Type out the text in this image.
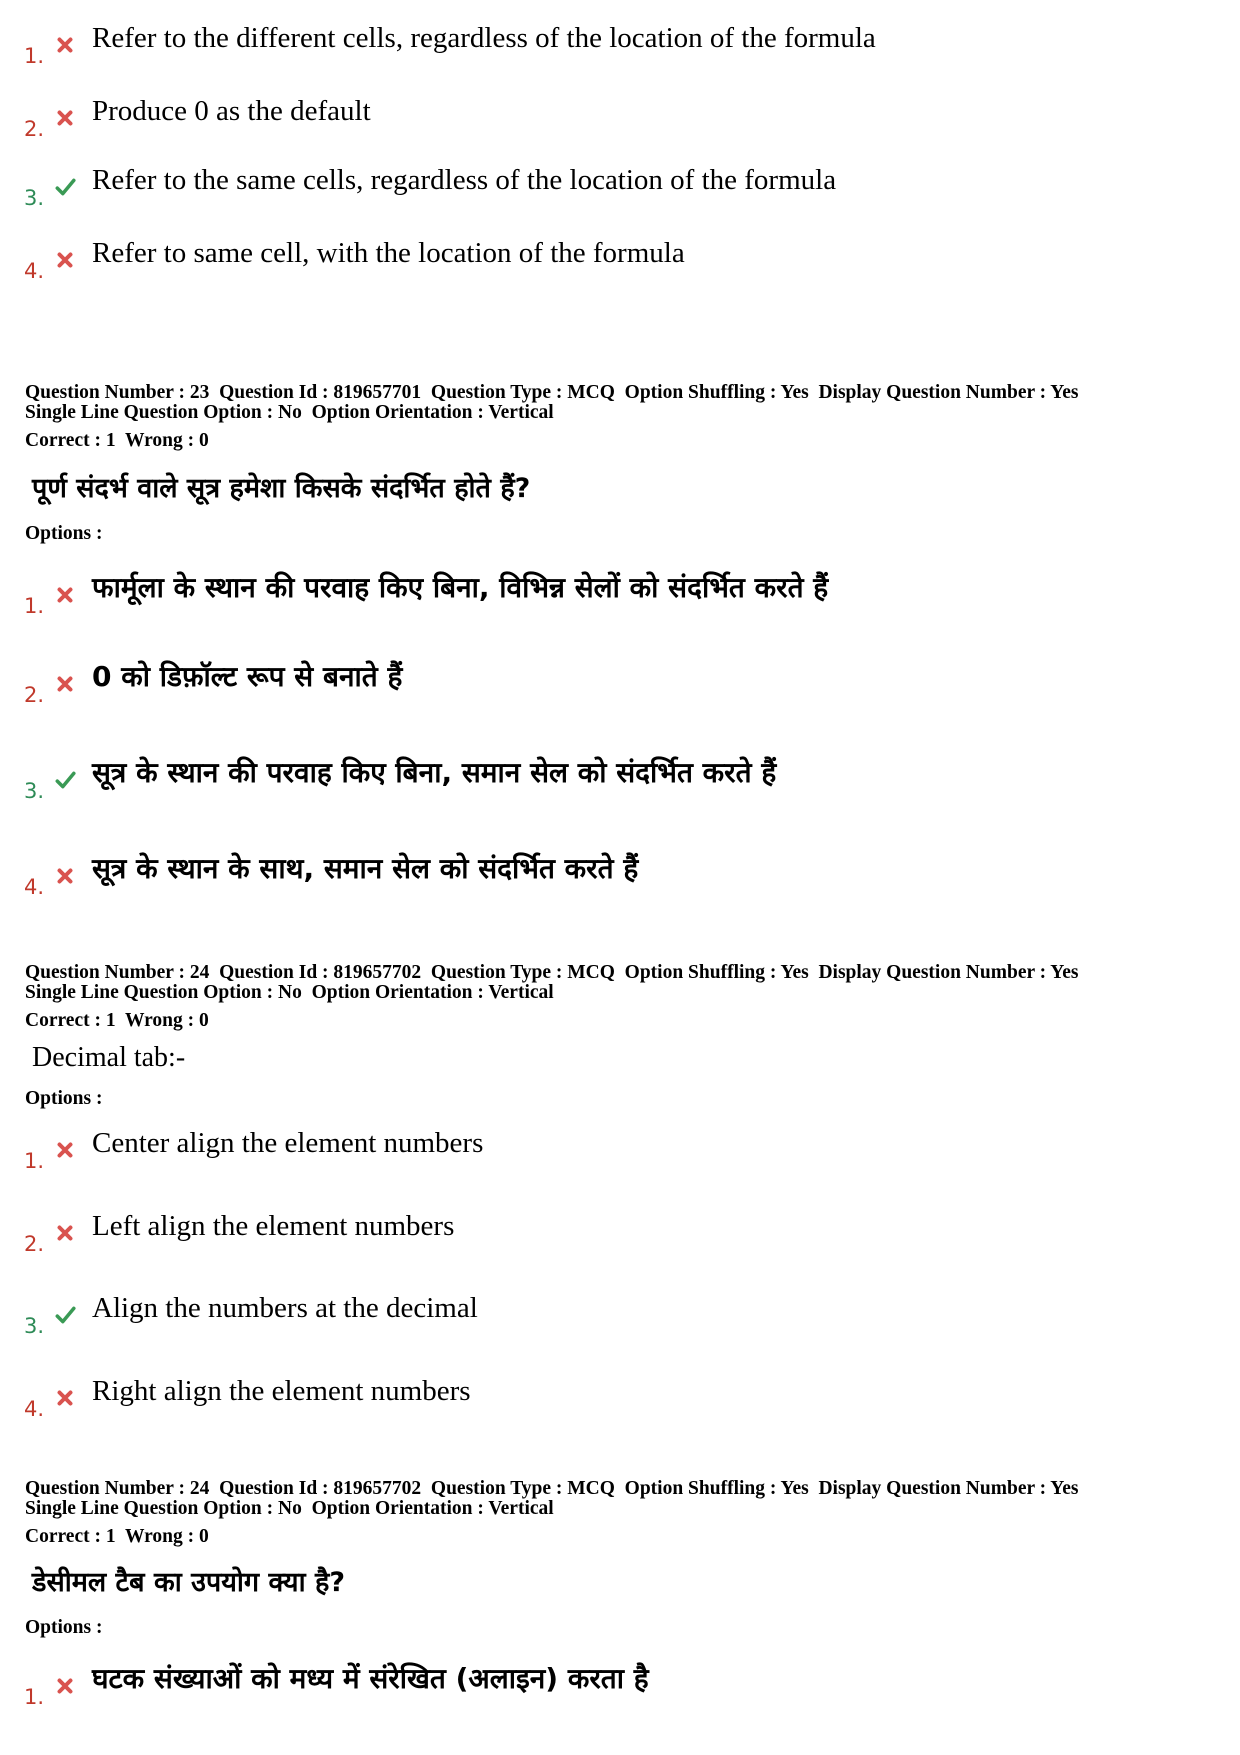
1.
Refer to the different cells, regardless of the location of the formula
2.
Produce 0 as the default
3.
Refer to the same cells, regardless of the location of the formula
4.
Refer to same cell, with the location of the formula
Question Number : 23  Question Id : 819657701  Question Type : MCQ  Option Shuffling : Yes  Display Question Number : Yes
Single Line Question Option : No  Option Orientation : Vertical
Correct : 1  Wrong : 0
पूर्ण संदर्भ वाले सूत्र हमेशा किसके संदर्भित होते हैं?
Options :
1.
फार्मूला के स्थान की परवाह किए बिना, विभिन्न सेलों को संदर्भित करते हैं
2.
0 को डिफ़ॉल्ट रूप से बनाते हैं
3.
सूत्र के स्थान की परवाह किए बिना, समान सेल को संदर्भित करते हैं
4.
सूत्र के स्थान के साथ, समान सेल को संदर्भित करते हैं
Question Number : 24  Question Id : 819657702  Question Type : MCQ  Option Shuffling : Yes  Display Question Number : Yes
Single Line Question Option : No  Option Orientation : Vertical
Correct : 1  Wrong : 0
Decimal tab:-
Options :
1.
Center align the element numbers
2.
Left align the element numbers
3.
Align the numbers at the decimal
4.
Right align the element numbers
Question Number : 24  Question Id : 819657702  Question Type : MCQ  Option Shuffling : Yes  Display Question Number : Yes
Single Line Question Option : No  Option Orientation : Vertical
Correct : 1  Wrong : 0
डेसीमल टैब का उपयोग क्या है?
Options :
1.
घटक संख्याओं को मध्य में संरेखित (अलाइन) करता है
